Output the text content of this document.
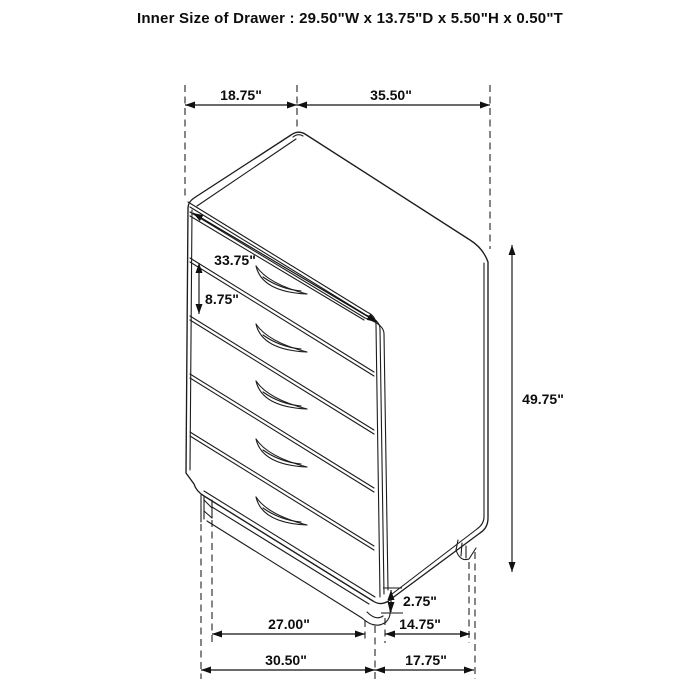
Inner Size of Drawer : 29.50"W x 13.75"D x 5.50"H x 0.50"T
18.75"	35.50"
33.75"
8.75"
49.75"
2.75"
27.00"	14.75"
30.50"	17.75"
